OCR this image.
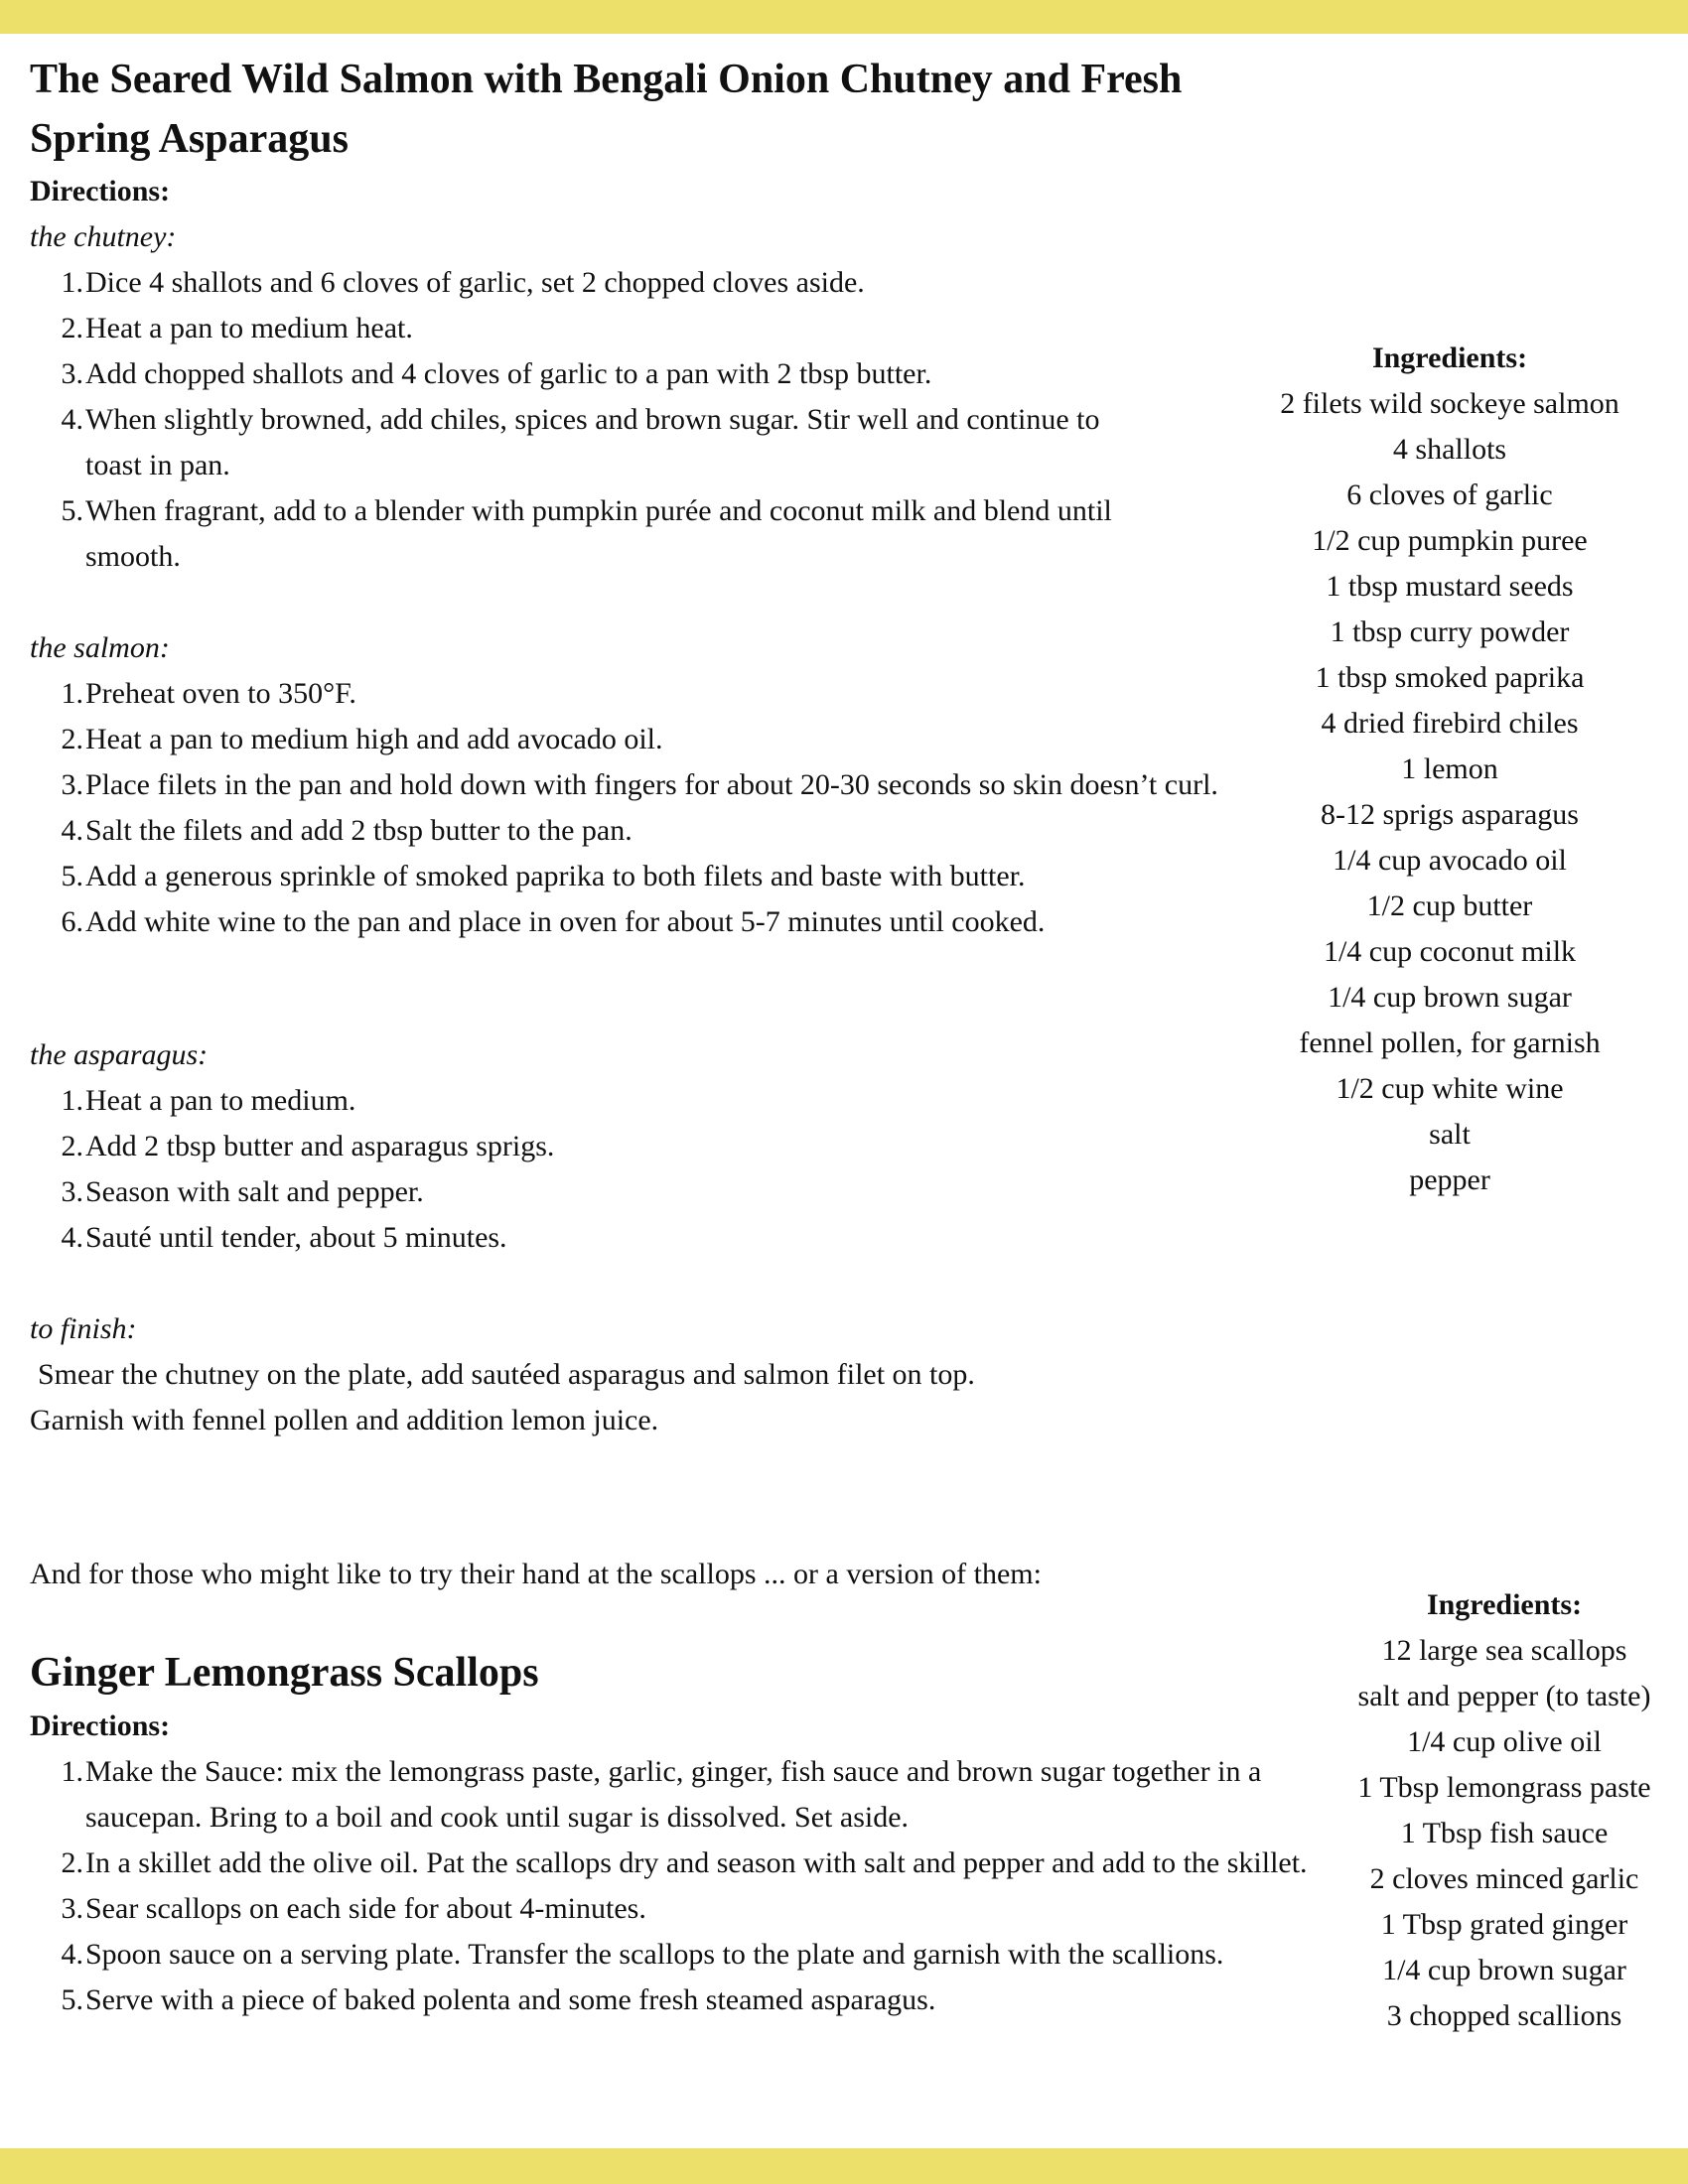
The Seared Wild Salmon with Bengali Onion Chutney and Fresh Spring Asparagus

Directions:

the chutney:

1. Dice 4 shallots and 6 cloves of garlic, set 2 chopped cloves aside.
2. Heat a pan to medium heat.
3. Add chopped shallots and 4 cloves of garlic to a pan with 2 tbsp butter.
4. When slightly browned, add chiles, spices and brown sugar. Stir well and continue to toast in pan.
5. When fragrant, add to a blender with pumpkin purée and coconut milk and blend until smooth.

the salmon:

1. Preheat oven to 350°F.
2. Heat a pan to medium high and add avocado oil.
3. Place filets in the pan and hold down with fingers for about 20-30 seconds so skin doesn’t curl.
4. Salt the filets and add 2 tbsp butter to the pan.
5. Add a generous sprinkle of smoked paprika to both filets and baste with butter.
6. Add white wine to the pan and place in oven for about 5-7 minutes until cooked.

the asparagus:

1. Heat a pan to medium.
2. Add 2 tbsp butter and asparagus sprigs.
3. Season with salt and pepper.
4. Sauté until tender, about 5 minutes.

to finish:

Smear the chutney on the plate, add sautéed asparagus and salmon filet on top.

Garnish with fennel pollen and addition lemon juice.

Ingredients:

2 filets wild sockeye salmon
4 shallots
6 cloves of garlic
1/2 cup pumpkin puree
1 tbsp mustard seeds
1 tbsp curry powder
1 tbsp smoked paprika
4 dried firebird chiles
1 lemon
8-12 sprigs asparagus
1/4 cup avocado oil
1/2 cup butter
1/4 cup coconut milk
1/4 cup brown sugar
fennel pollen, for garnish
1/2 cup white wine
salt
pepper

And for those who might like to try their hand at the scallops ... or a version of them:

Ginger Lemongrass Scallops

Directions:

1. Make the Sauce: mix the lemongrass paste, garlic, ginger, fish sauce and brown sugar together in a saucepan. Bring to a boil and cook until sugar is dissolved. Set aside.
2. In a skillet add the olive oil. Pat the scallops dry and season with salt and pepper and add to the skillet.
3. Sear scallops on each side for about 4-minutes.
4. Spoon sauce on a serving plate. Transfer the scallops to the plate and garnish with the scallions.
5. Serve with a piece of baked polenta and some fresh steamed asparagus.

Ingredients:

12 large sea scallops
salt and pepper (to taste)
1/4 cup olive oil
1 Tbsp lemongrass paste
1 Tbsp fish sauce
2 cloves minced garlic
1 Tbsp grated ginger
1/4 cup brown sugar
3 chopped scallions
